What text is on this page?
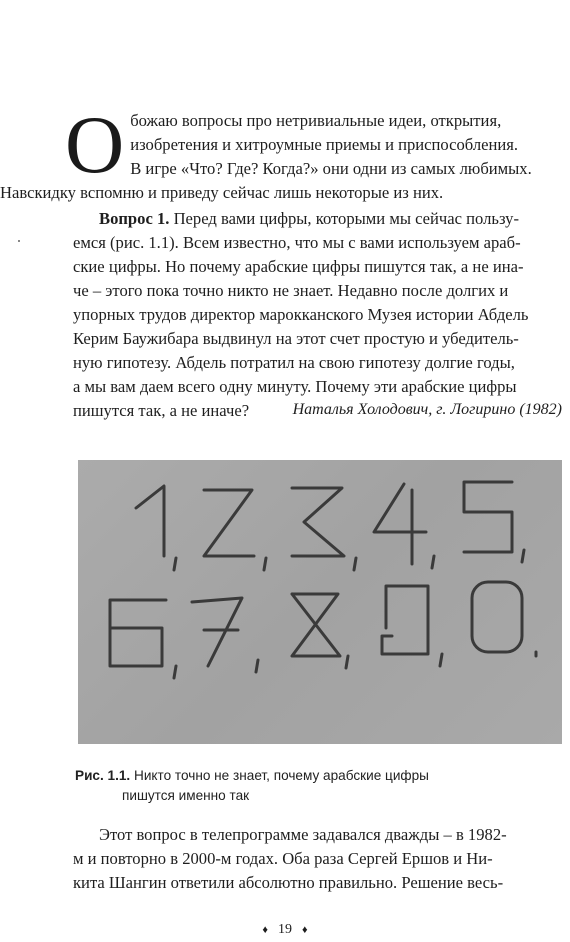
О божаю вопросы про нетривиальные идеи, открытия,
изобретения и хитроумные приемы и приспособления.
В игре «Что? Где? Когда?» они одни из самых любимых.
Навскидку вспомню и приведу сейчас лишь некоторые из них.
Вопрос 1. Перед вами цифры, которыми мы сейчас пользу-
емся (рис. 1.1). Всем известно, что мы с вами используем араб-
ские цифры. Но почему арабские цифры пишутся так, а не ина-
че – этого пока точно никто не знает. Недавно после долгих и
упорных трудов директор марокканского Музея истории Абдель
Керим Баужибара выдвинул на этот счет простую и убедитель-
ную гипотезу. Абдель потратил на свою гипотезу долгие годы,
а мы вам даем всего одну минуту. Почему эти арабские цифры
пишутся так, а не иначе?	Наталья Холодович, г. Логирино (1982)
Рис. 1.1. Никто точно не знает, почему арабские цифры
пишутся именно так
Этот вопрос в телепрограмме задавался дважды – в 1982-
м и повторно в 2000-м годах. Оба раза Сергей Ершов и Ни-
кита Шангин ответили абсолютно правильно. Решение весь-
♦ 19 ♦
